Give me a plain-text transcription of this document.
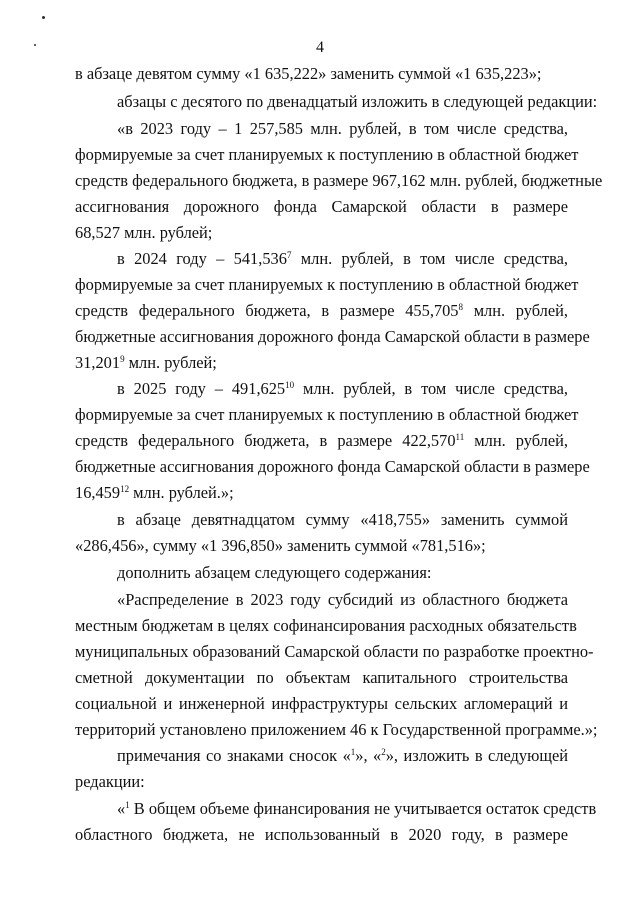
4
в абзаце девятом сумму «1 635,222» заменить суммой «1 635,223»;
абзацы с десятого по двенадцатый изложить в следующей редакции:
«в 2023 году – 1 257,585 млн. рублей, в том числе средства,
формируемые за счет планируемых к поступлению в областной бюджет
средств федерального бюджета, в размере 967,162 млн. рублей, бюджетные
ассигнования дорожного фонда Самарской области в размере
68,527 млн. рублей;
в 2024 году – 541,536$^7$ млн. рублей, в том числе средства,
формируемые за счет планируемых к поступлению в областной бюджет
средств федерального бюджета, в размере 455,705$^8$ млн. рублей,
бюджетные ассигнования дорожного фонда Самарской области в размере
31,201$^9$ млн. рублей;
в 2025 году – 491,625$^{10}$ млн. рублей, в том числе средства,
формируемые за счет планируемых к поступлению в областной бюджет
средств федерального бюджета, в размере 422,570$^{11}$ млн. рублей,
бюджетные ассигнования дорожного фонда Самарской области в размере
16,459$^{12}$ млн. рублей.»;
в абзаце девятнадцатом сумму «418,755» заменить суммой
«286,456», сумму «1 396,850» заменить суммой «781,516»;
дополнить абзацем следующего содержания:
«Распределение в 2023 году субсидий из областного бюджета
местным бюджетам в целях софинансирования расходных обязательств
муниципальных образований Самарской области по разработке проектно-
сметной документации по объектам капитального строительства
социальной и инженерной инфраструктуры сельских агломераций и
территорий установлено приложением 46 к Государственной программе.»;
примечания со знаками сносок «$^1$», «$^2$», изложить в следующей
редакции:
«$^1$ В общем объеме финансирования не учитывается остаток средств
областного бюджета, не использованный в 2020 году, в размере
